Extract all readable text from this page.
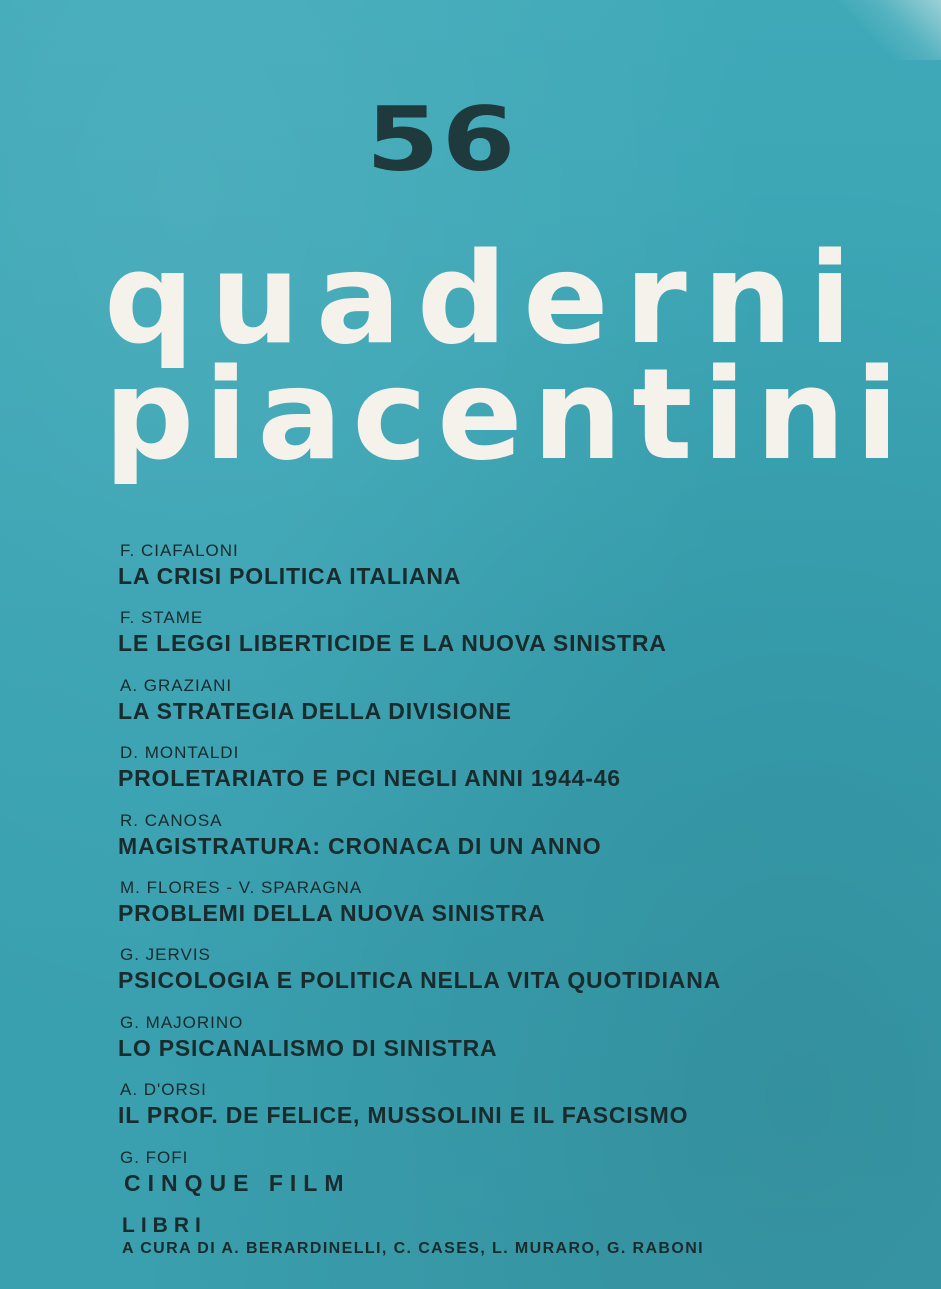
56
quaderni
piacentini
F. CIAFALONI
LA CRISI POLITICA ITALIANA
F. STAME
LE LEGGI LIBERTICIDE E LA NUOVA SINISTRA
A. GRAZIANI
LA STRATEGIA DELLA DIVISIONE
D. MONTALDI
PROLETARIATO E PCI NEGLI ANNI 1944-46
R. CANOSA
MAGISTRATURA: CRONACA DI UN ANNO
M. FLORES - V. SPARAGNA
PROBLEMI DELLA NUOVA SINISTRA
G. JERVIS
PSICOLOGIA E POLITICA NELLA VITA QUOTIDIANA
G. MAJORINO
LO PSICANALISMO DI SINISTRA
A. D'ORSI
IL PROF. DE FELICE, MUSSOLINI E IL FASCISMO
G. FOFI
CINQUE FILM
LIBRI
A CURA DI A. BERARDINELLI, C. CASES, L. MURARO, G. RABONI
